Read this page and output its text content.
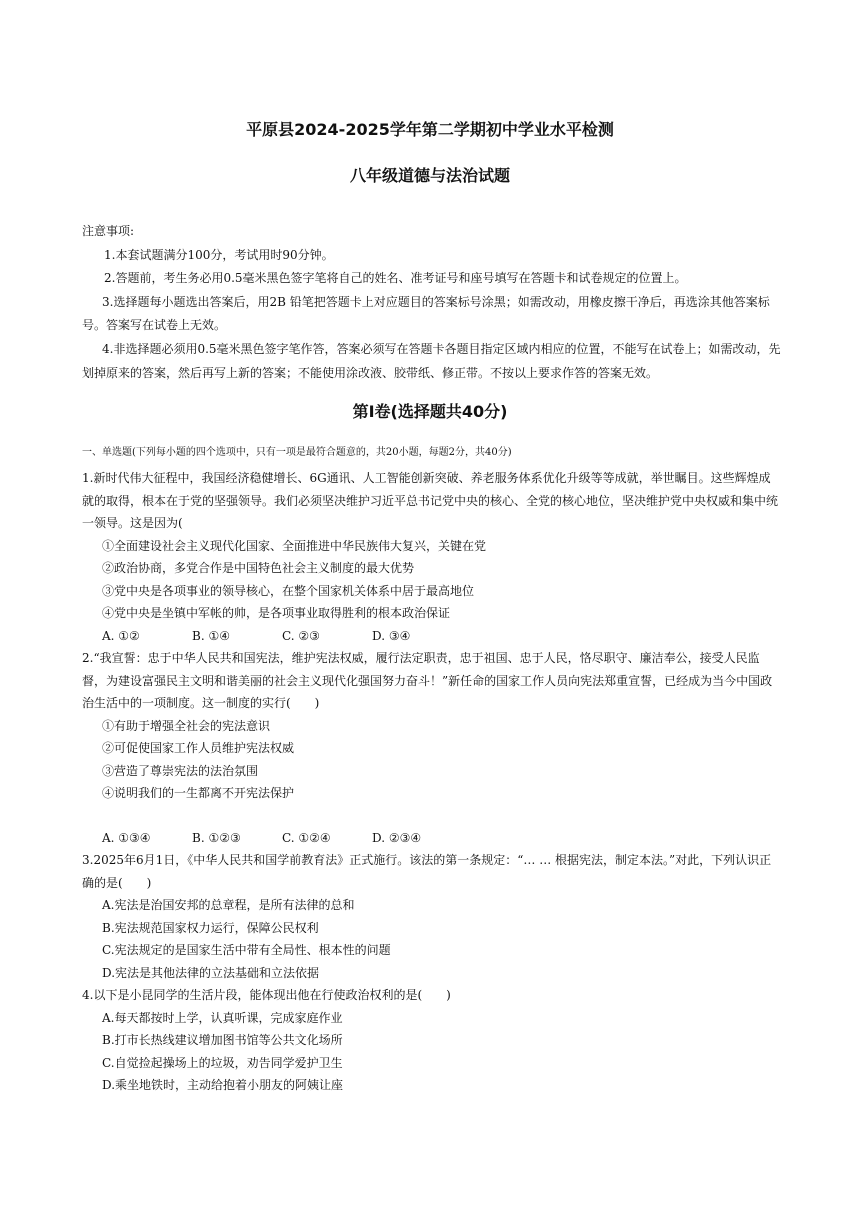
平原县2024-2025学年第二学期初中学业水平检测
八年级道德与法治试题

注意事项:

1.本套试题满分100分，考试用时90分钟。

2.答题前，考生务必用0.5毫米黑色签字笔将自己的姓名、准考证号和座号填写在答题卡和试卷规定的位置上。

3.选择题每小题选出答案后，用2B 铅笔把答题卡上对应题目的答案标号涂黑；如需改动，用橡皮擦干净后，再选涂其他答案标号。答案写在试卷上无效。

4.非选择题必须用0.5毫米黑色签字笔作答，答案必须写在答题卡各题目指定区域内相应的位置，不能写在试卷上；如需改动，先划掉原来的答案，然后再写上新的答案；不能使用涂改液、胶带纸、修正带。不按以上要求作答的答案无效。

第Ⅰ卷(选择题共40分)
一、单选题(下列每小题的四个选项中，只有一项是最符合题意的，共20小题，每题2分，共40分)

1.新时代伟大征程中，我国经济稳健增长、6G通讯、人工智能创新突破、养老服务体系优化升级等等成就，举世瞩目。这些辉煌成就的取得，根本在于党的坚强领导。我们必须坚决维护习近平总书记党中央的核心、全党的核心地位，坚决维护党中央权威和集中统一领导。这是因为(

①全面建设社会主义现代化国家、全面推进中华民族伟大复兴，关键在党

②政治协商，多党合作是中国特色社会主义制度的最大优势

③党中央是各项事业的领导核心，在整个国家机关体系中居于最高地位

④党中央是坐镇中军帐的帅，是各项事业取得胜利的根本政治保证

A. ①②	B. ①④	C. ②③	D. ③④

2.“我宣誓：忠于中华人民共和国宪法，维护宪法权威，履行法定职责，忠于祖国、忠于人民，恪尽职守、廉洁奉公，接受人民监督，为建设富强民主文明和谐美丽的社会主义现代化强国努力奋斗！”新任命的国家工作人员向宪法郑重宣誓，已经成为当今中国政治生活中的一项制度。这一制度的实行(　　)

①有助于增强全社会的宪法意识

②可促使国家工作人员维护宪法权威

③营造了尊崇宪法的法治氛围

④说明我们的一生都离不开宪法保护

A. ①③④	B. ①②③	C. ①②④	D. ②③④

3.2025年6月1日，《中华人民共和国学前教育法》正式施行。该法的第一条规定：“… … 根据宪法，制定本法。”对此，下列认识正确的是(　　)

A.宪法是治国安邦的总章程，是所有法律的总和

B.宪法规范国家权力运行，保障公民权利

C.宪法规定的是国家生活中带有全局性、根本性的问题

D.宪法是其他法律的立法基础和立法依据

4.以下是小昆同学的生活片段，能体现出他在行使政治权利的是(　　)

A.每天都按时上学，认真听课，完成家庭作业

B.打市长热线建议增加图书馆等公共文化场所

C.自觉捡起操场上的垃圾，劝告同学爱护卫生

D.乘坐地铁时，主动给抱着小朋友的阿姨让座
